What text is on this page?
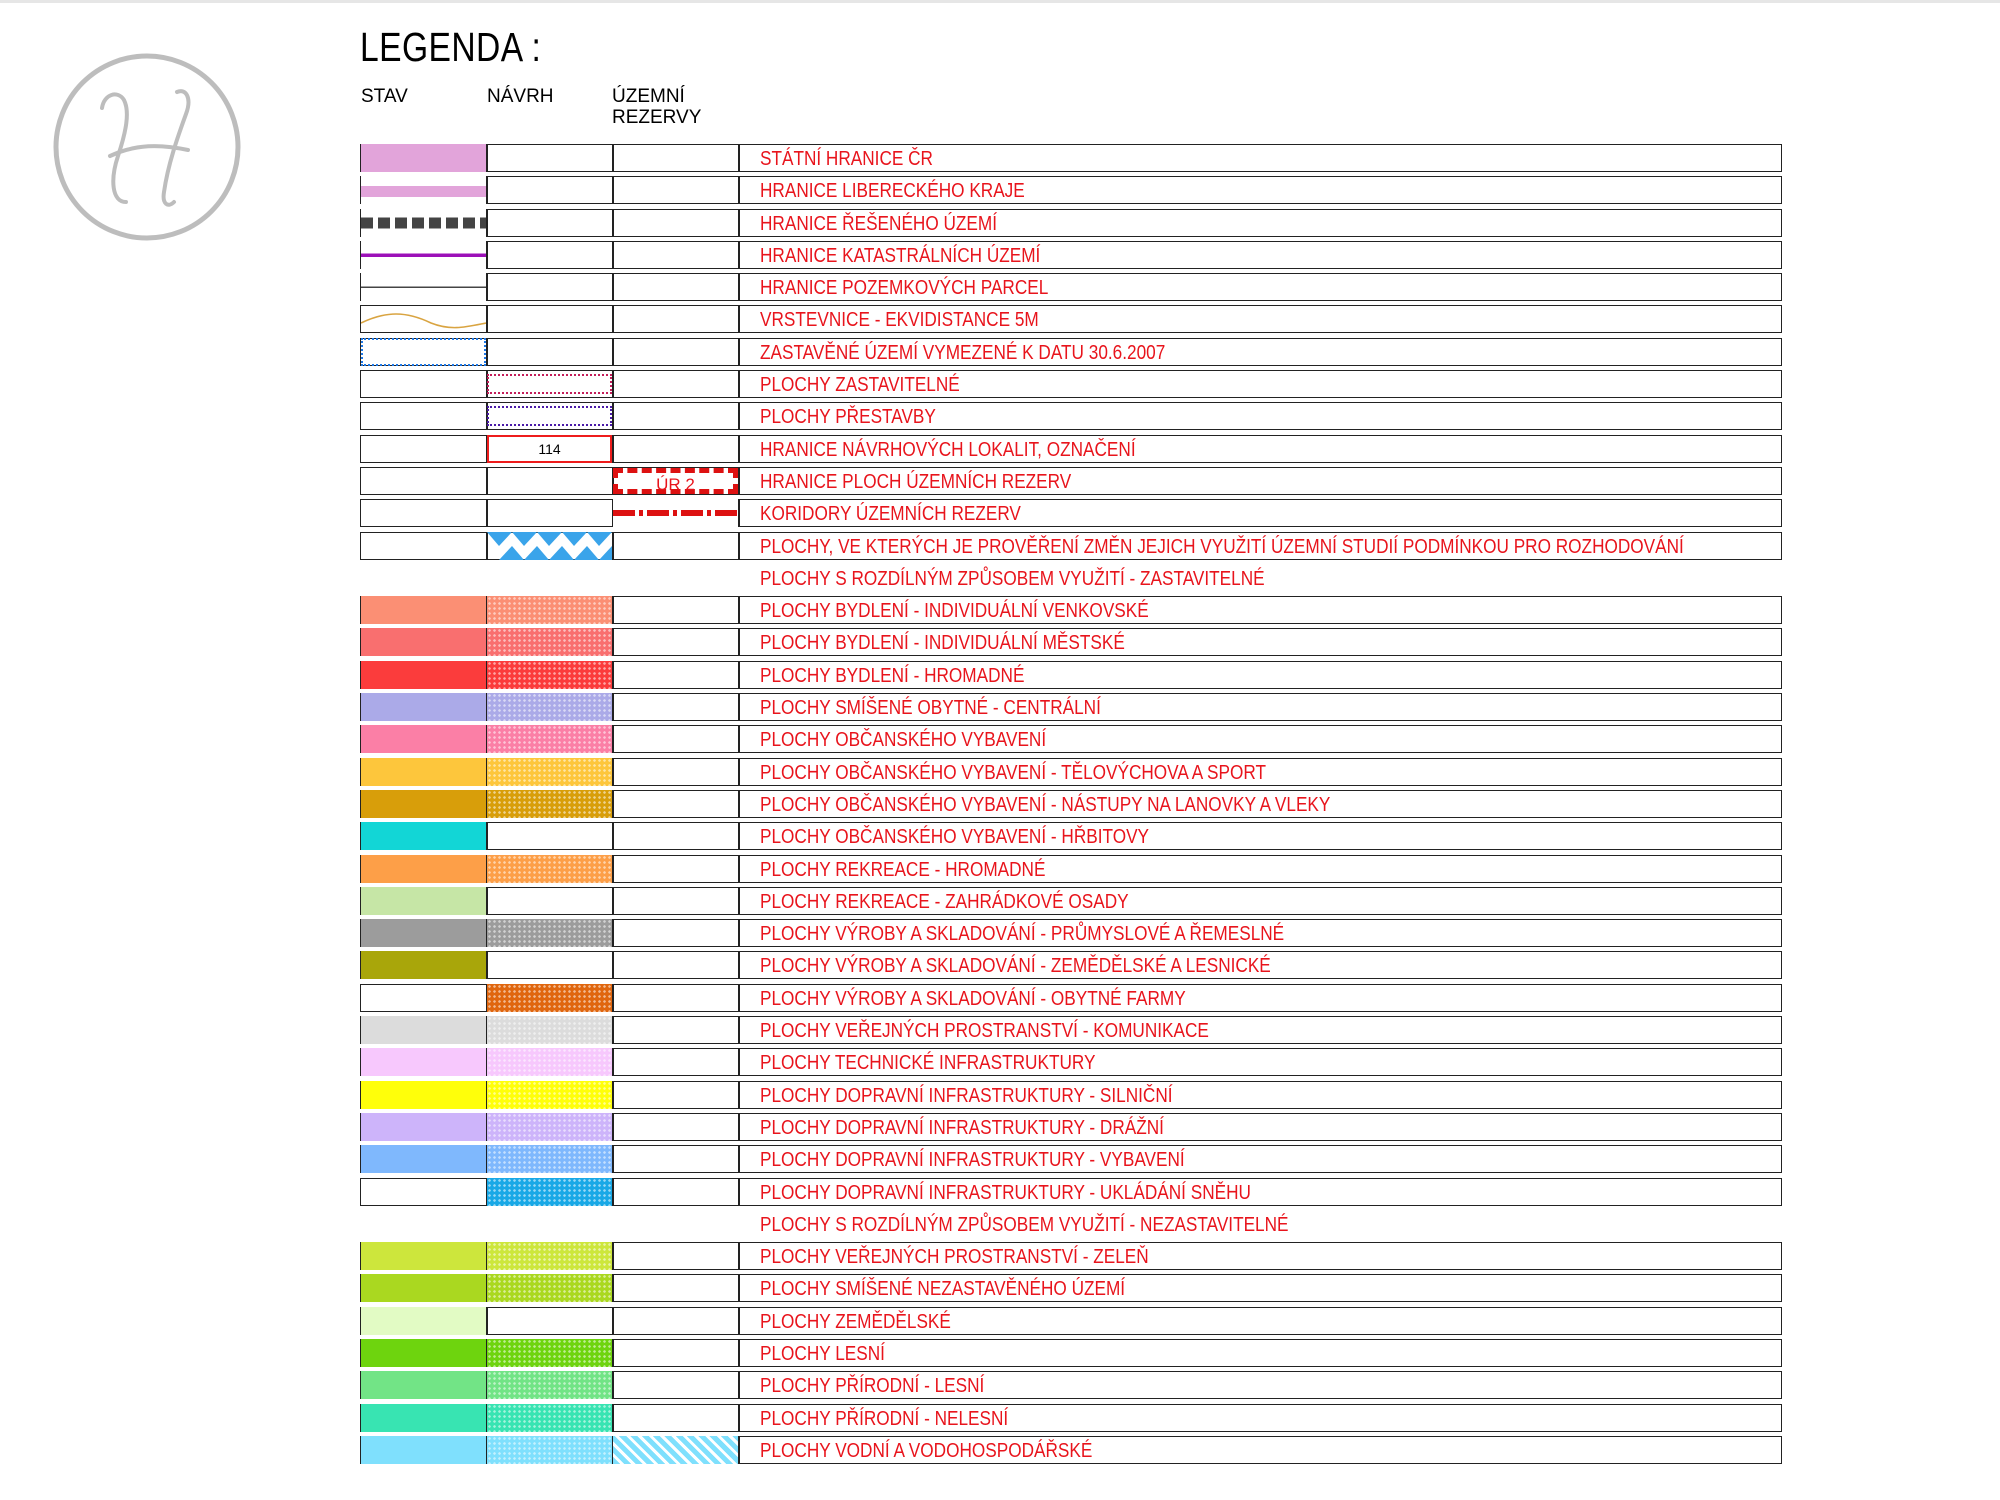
LEGENDA :
STAV	NÁVRH	ÚZEMNÍ
REZERVY
STÁTNÍ HRANICE ČR
HRANICE LIBERECKÉHO KRAJE
HRANICE ŘEŠENÉHO ÚZEMÍ
HRANICE KATASTRÁLNÍCH ÚZEMÍ
HRANICE POZEMKOVÝCH PARCEL
VRSTEVNICE - EKVIDISTANCE 5M
ZASTAVĚNÉ ÚZEMÍ VYMEZENÉ K DATU 30.6.2007
PLOCHY ZASTAVITELNÉ
PLOCHY PŘESTAVBY
114	HRANICE NÁVRHOVÝCH LOKALIT, OZNAČENÍ
ÚR 2	HRANICE PLOCH ÚZEMNÍCH REZERV
KORIDORY ÚZEMNÍCH REZERV
PLOCHY, VE KTERÝCH JE PROVĚŘENÍ ZMĚN JEJICH VYUŽITÍ ÚZEMNÍ STUDIÍ PODMÍNKOU PRO ROZHODOVÁNÍ
PLOCHY S ROZDÍLNÝM ZPŮSOBEM VYUŽITÍ - ZASTAVITELNÉ
PLOCHY BYDLENÍ - INDIVIDUÁLNÍ VENKOVSKÉ
PLOCHY BYDLENÍ - INDIVIDUÁLNÍ MĚSTSKÉ
PLOCHY BYDLENÍ - HROMADNÉ
PLOCHY SMÍŠENÉ OBYTNÉ - CENTRÁLNÍ
PLOCHY OBČANSKÉHO VYBAVENÍ
PLOCHY OBČANSKÉHO VYBAVENÍ - TĚLOVÝCHOVA A SPORT
PLOCHY OBČANSKÉHO VYBAVENÍ - NÁSTUPY NA LANOVKY A VLEKY
PLOCHY OBČANSKÉHO VYBAVENÍ - HŘBITOVY
PLOCHY REKREACE - HROMADNÉ
PLOCHY REKREACE - ZAHRÁDKOVÉ OSADY
PLOCHY VÝROBY A SKLADOVÁNÍ - PRŮMYSLOVÉ A ŘEMESLNÉ
PLOCHY VÝROBY A SKLADOVÁNÍ - ZEMĚDĚLSKÉ A LESNICKÉ
PLOCHY VÝROBY A SKLADOVÁNÍ - OBYTNÉ FARMY
PLOCHY VEŘEJNÝCH PROSTRANSTVÍ - KOMUNIKACE
PLOCHY TECHNICKÉ INFRASTRUKTURY
PLOCHY DOPRAVNÍ INFRASTRUKTURY - SILNIČNÍ
PLOCHY DOPRAVNÍ INFRASTRUKTURY - DRÁŽNÍ
PLOCHY DOPRAVNÍ INFRASTRUKTURY - VYBAVENÍ
PLOCHY DOPRAVNÍ INFRASTRUKTURY - UKLÁDÁNÍ SNĚHU
PLOCHY S ROZDÍLNÝM ZPŮSOBEM VYUŽITÍ - NEZASTAVITELNÉ
PLOCHY VEŘEJNÝCH PROSTRANSTVÍ - ZELEŇ
PLOCHY SMÍŠENÉ NEZASTAVĚNÉHO ÚZEMÍ
PLOCHY ZEMĚDĚLSKÉ
PLOCHY LESNÍ
PLOCHY PŘÍRODNÍ - LESNÍ
PLOCHY PŘÍRODNÍ - NELESNÍ
PLOCHY VODNÍ A VODOHOSPODÁŘSKÉ
